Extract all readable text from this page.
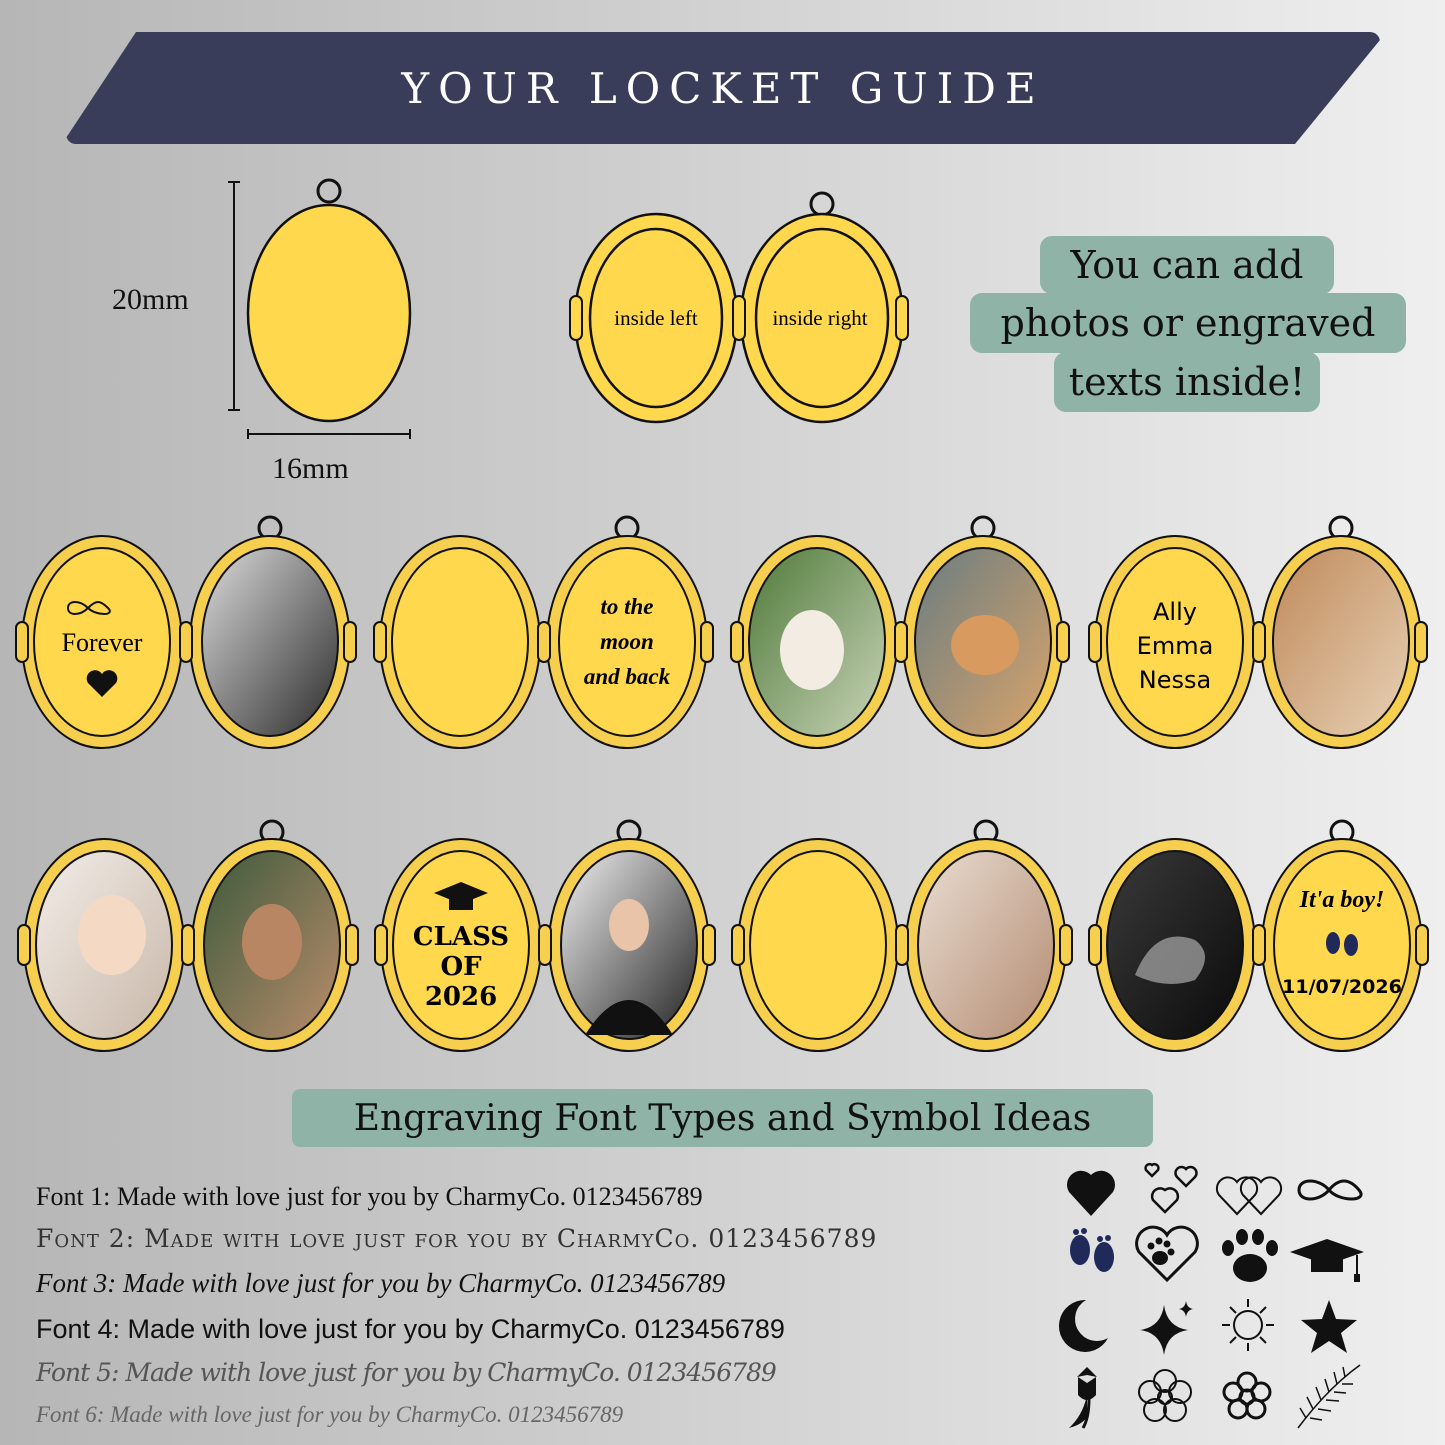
YOUR LOCKET GUIDE
20mm
16mm
You can add
photos or engraved
texts inside!
inside left	inside right
Forever
to the
moon
and back
Ally
Emma
Nessa
CLASS
OF
2026
It'a boy!
11/07/2026
Engraving Font Types and Symbol Ideas
Font 1: Made with love just for you by CharmyCo. 0123456789
Font 2: Made with love just for you by CharmyCo. 0123456789
Font 3: Made with love just for you by CharmyCo. 0123456789
Font 4: Made with love just for you by CharmyCo. 0123456789
Font 5: Made with love just for you by CharmyCo. 0123456789
Font 6: Made with love just for you by CharmyCo. 0123456789
